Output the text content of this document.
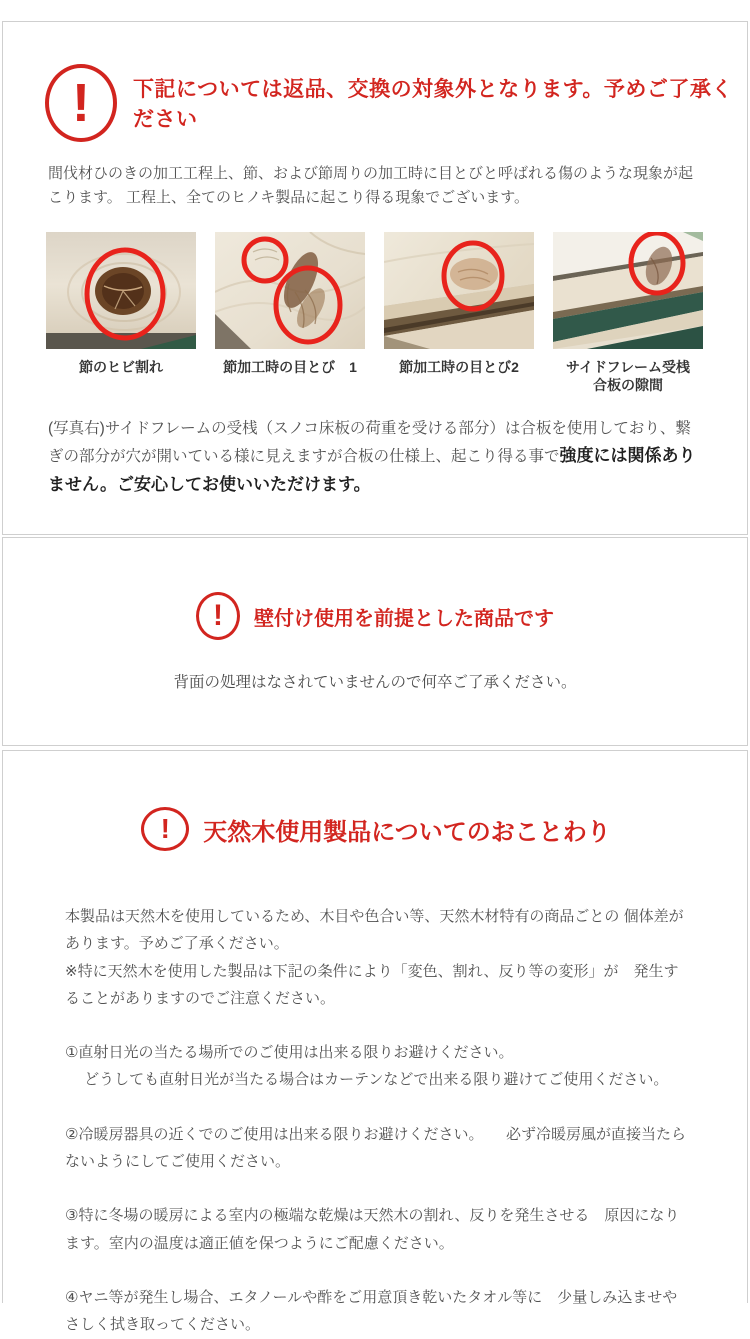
!	下記については返品、交換の対象外となります。予めご了承ください

間伐材ひのきの加工工程上、節、および節周りの加工時に目とびと呼ばれる傷のような現象が起こります。 工程上、全てのヒノキ製品に起こり得る現象でございます。

節のヒビ割れ	節加工時の目とび　1	節加工時の目とび2	サイドフレーム受桟
合板の隙間

(写真右)サイドフレームの受桟（スノコ床板の荷重を受ける部分）は合板を使用しており、繋ぎの部分が穴が開いている様に見えますが合板の仕様上、起こり得る事で強度には関係ありません。ご安心してお使いいただけます。

!	壁付け使用を前提とした商品です

背面の処理はなされていませんので何卒ご了承ください。

!	天然木使用製品についてのおことわり

本製品は天然木を使用しているため、木目や色合い等、天然木材特有の商品ごとの 個体差があります。予めご了承ください。
※特に天然木を使用した製品は下記の条件により「変色、割れ、反り等の変形」が　発生することがありますのでご注意ください。

①直射日光の当たる場所でのご使用は出来る限りお避けください。
　 どうしても直射日光が当たる場合はカーテンなどで出来る限り避けてご使用ください。

②冷暖房器具の近くでのご使用は出来る限りお避けください。　　必ず冷暖房風が直接当たらないようにしてご使用ください。

③特に冬場の暖房による室内の極端な乾燥は天然木の割れ、反りを発生させる　原因になります。室内の温度は適正値を保つようにご配慮ください。

④ヤニ等が発生し場合、エタノールや酢をご用意頂き乾いたタオル等に　少量しみ込ませやさしく拭き取ってください。
